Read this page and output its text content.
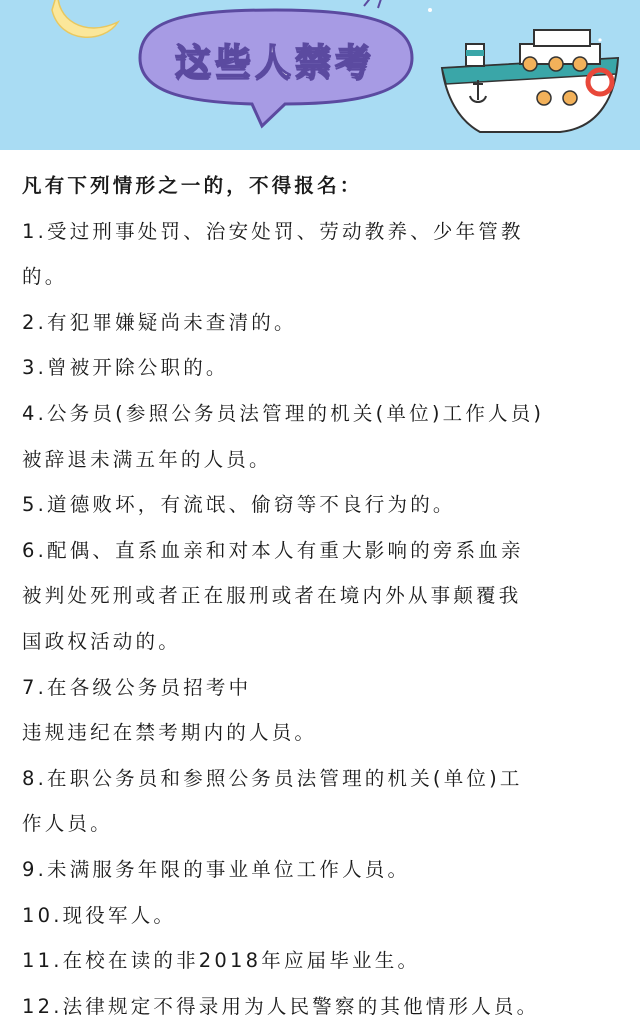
这些人禁考
凡有下列情形之一的，不得报名：
1.受过刑事处罚、治安处罚、劳动教养、少年管教
的。
2.有犯罪嫌疑尚未查清的。
3.曾被开除公职的。
4.公务员(参照公务员法管理的机关(单位)工作人员)
被辞退未满五年的人员。
5.道德败坏，有流氓、偷窃等不良行为的。
6.配偶、直系血亲和对本人有重大影响的旁系血亲
被判处死刑或者正在服刑或者在境内外从事颠覆我
国政权活动的。
7.在各级公务员招考中
违规违纪在禁考期内的人员。
8.在职公务员和参照公务员法管理的机关(单位)工
作人员。
9.未满服务年限的事业单位工作人员。
10.现役军人。
11.在校在读的非2018年应届毕业生。
12.法律规定不得录用为人民警察的其他情形人员。
